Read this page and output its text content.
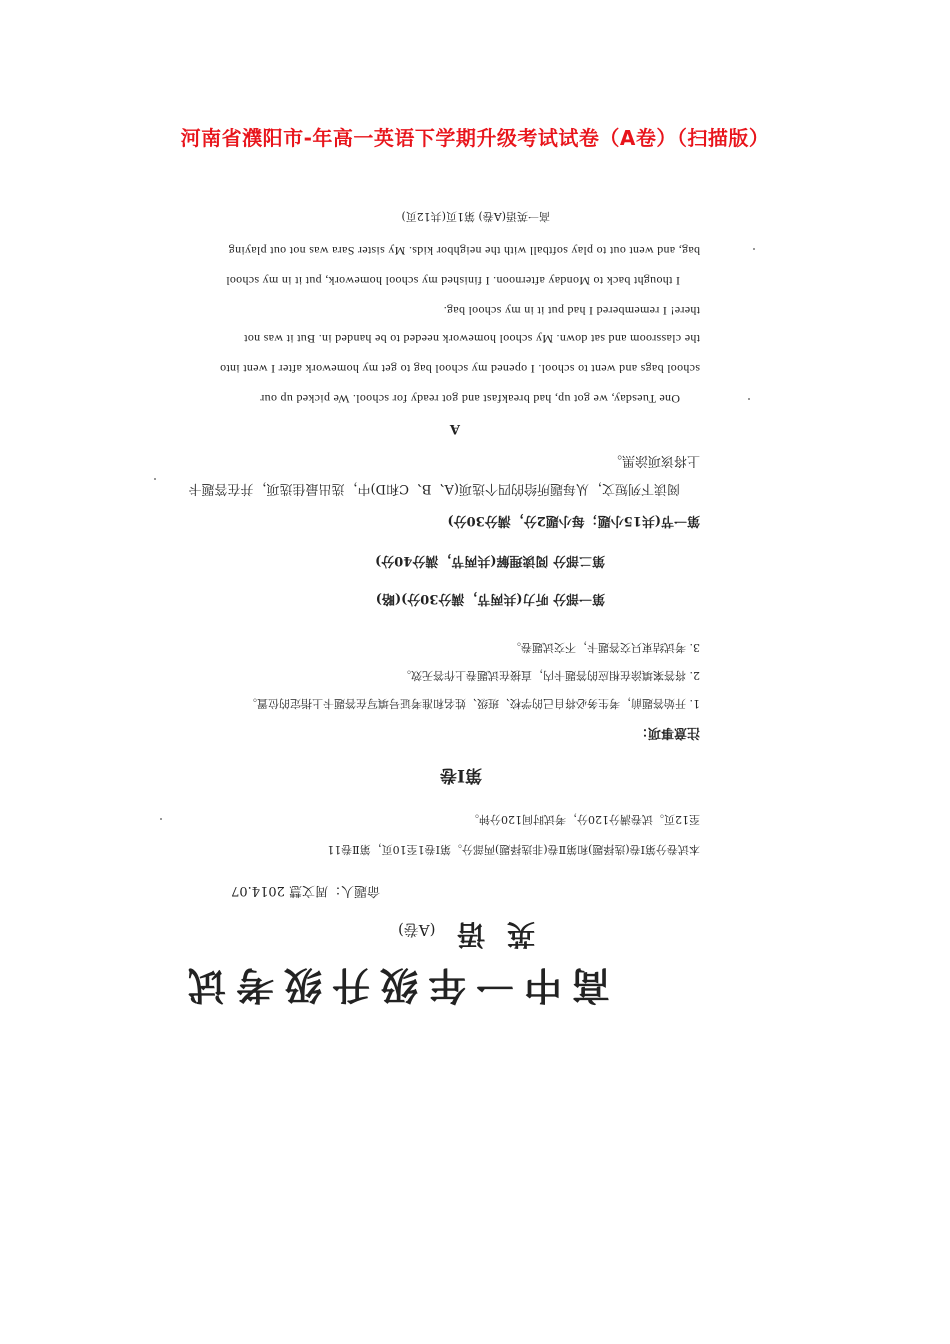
河南省濮阳市-年高一英语下学期升级考试试卷（A卷）（扫描版）
高中一年级升级考试
英 语 (A卷)
命题人：周文慧 2014.07
本试卷分第Ⅰ卷(选择题)和第Ⅱ卷(非选择题)两部分。第Ⅰ卷1至10页，第Ⅱ卷11
至12页。试卷满分120分，考试时间120分钟。
第Ⅰ卷
注意事项：
1. 开始答题前，考生务必将自己的学校、班级、姓名和准考证号填写在答题卡上指定的位置。
2. 将答案填涂在相应的答题卡内，直接在试题卷上作答无效。
3. 考试结束只交答题卡，不交试题卷。
第一部分 听力(共两节，满分30分)(略)
第二部分 阅读理解(共两节，满分40分)
第一节(共15小题；每小题2分，满分30分)
阅读下列短文，从每题所给的四个选项(A、B、C和D)中，选出最佳选项，并在答题卡
上将该项涂黑。
A
One Tuesday, we got up, had breakfast and got ready for school. We picked up our
school bags and went to school. I opened my school bag to get my homework after I went into
the classroom and sat down. My school homework needed to be handed in. But it was not
there! I remembered I had put it in my school bag.
I thought back to Monday afternoon. I finished my school homework, put it in my school
bag, and went out to play softball with the neighbor kids. My sister Sara was not out playing
高一英语(A卷) 第1页(共12页)
